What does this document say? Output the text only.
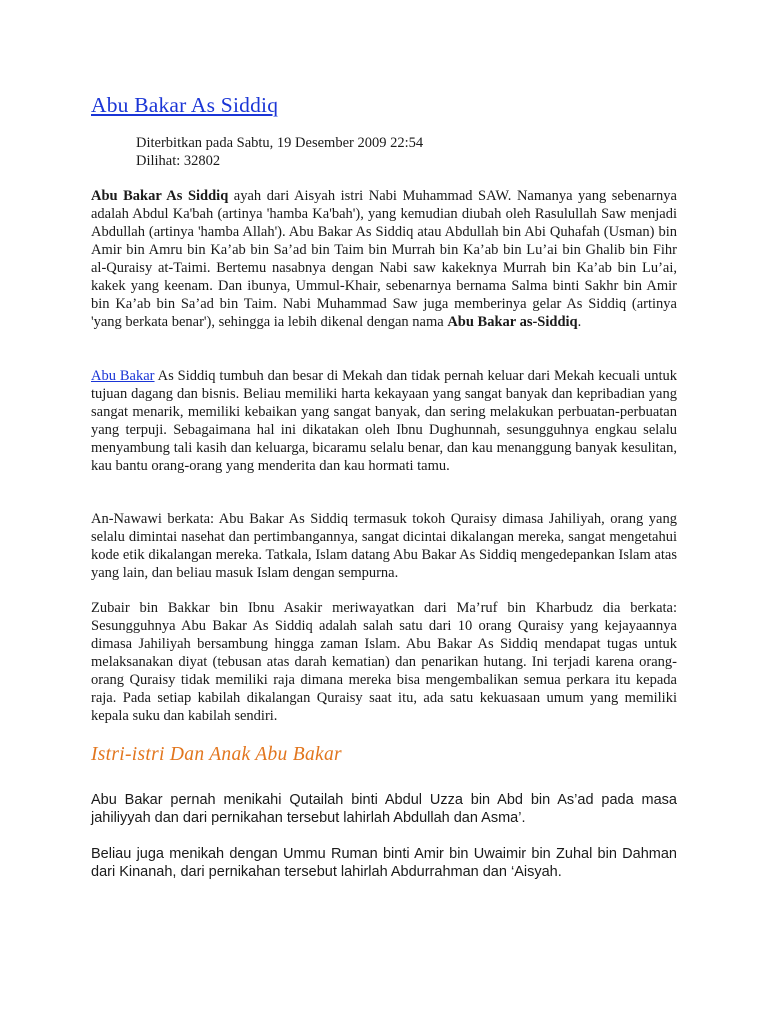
Abu Bakar As Siddiq
Diterbitkan pada Sabtu, 19 Desember 2009 22:54
Dilihat: 32802

Abu Bakar As Siddiq ayah dari Aisyah istri Nabi Muhammad SAW. Namanya yang sebenarnya adalah Abdul Ka'bah (artinya 'hamba Ka'bah'), yang kemudian diubah oleh Rasulullah Saw menjadi Abdullah (artinya 'hamba Allah'). Abu Bakar As Siddiq atau Abdullah bin Abi Quhafah (Usman) bin Amir bin Amru bin Ka’ab bin Sa’ad bin Taim bin Murrah bin Ka’ab bin Lu’ai bin Ghalib bin Fihr al-Quraisy at-Taimi. Bertemu nasabnya dengan Nabi saw kakeknya Murrah bin Ka’ab bin Lu’ai, kakek yang keenam. Dan ibunya, Ummul-Khair, sebenarnya bernama Salma binti Sakhr bin Amir bin Ka’ab bin Sa’ad bin Taim. Nabi Muhammad Saw juga memberinya gelar As Siddiq (artinya 'yang berkata benar'), sehingga ia lebih dikenal dengan nama Abu Bakar as-Siddiq.

Abu Bakar As Siddiq tumbuh dan besar di Mekah dan tidak pernah keluar dari Mekah kecuali untuk tujuan dagang dan bisnis. Beliau memiliki harta kekayaan yang sangat banyak dan kepribadian yang sangat menarik, memiliki kebaikan yang sangat banyak, dan sering melakukan perbuatan-perbuatan yang terpuji. Sebagaimana hal ini dikatakan oleh Ibnu Dughunnah, sesungguhnya engkau selalu menyambung tali kasih dan keluarga, bicaramu selalu benar, dan kau menanggung banyak kesulitan, kau bantu orang-orang yang menderita dan kau hormati tamu.

An-Nawawi berkata: Abu Bakar As Siddiq termasuk tokoh Quraisy dimasa Jahiliyah, orang yang selalu dimintai nasehat dan pertimbangannya, sangat dicintai dikalangan mereka, sangat mengetahui kode etik dikalangan mereka. Tatkala, Islam datang Abu Bakar As Siddiq mengedepankan Islam atas yang lain, dan beliau masuk Islam dengan sempurna.

Zubair bin Bakkar bin Ibnu Asakir meriwayatkan dari Ma’ruf bin Kharbudz dia berkata: Sesungguhnya Abu Bakar As Siddiq adalah salah satu dari 10 orang Quraisy yang kejayaannya dimasa Jahiliyah bersambung hingga zaman Islam. Abu Bakar As Siddiq mendapat tugas untuk melaksanakan diyat (tebusan atas darah kematian) dan penarikan hutang. Ini terjadi karena orang-orang Quraisy tidak memiliki raja dimana mereka bisa mengembalikan semua perkara itu kepada raja. Pada setiap kabilah dikalangan Quraisy saat itu, ada satu kekuasaan umum yang memiliki kepala suku dan kabilah sendiri.

Istri-istri Dan Anak Abu Bakar

Abu Bakar pernah menikahi Qutailah binti Abdul Uzza bin Abd bin As’ad pada masa jahiliyyah dan dari pernikahan tersebut lahirlah Abdullah dan Asma’.

Beliau juga menikah dengan Ummu Ruman binti Amir bin Uwaimir bin Zuhal bin Dahman dari Kinanah, dari pernikahan tersebut lahirlah Abdurrahman dan ‘Aisyah.
